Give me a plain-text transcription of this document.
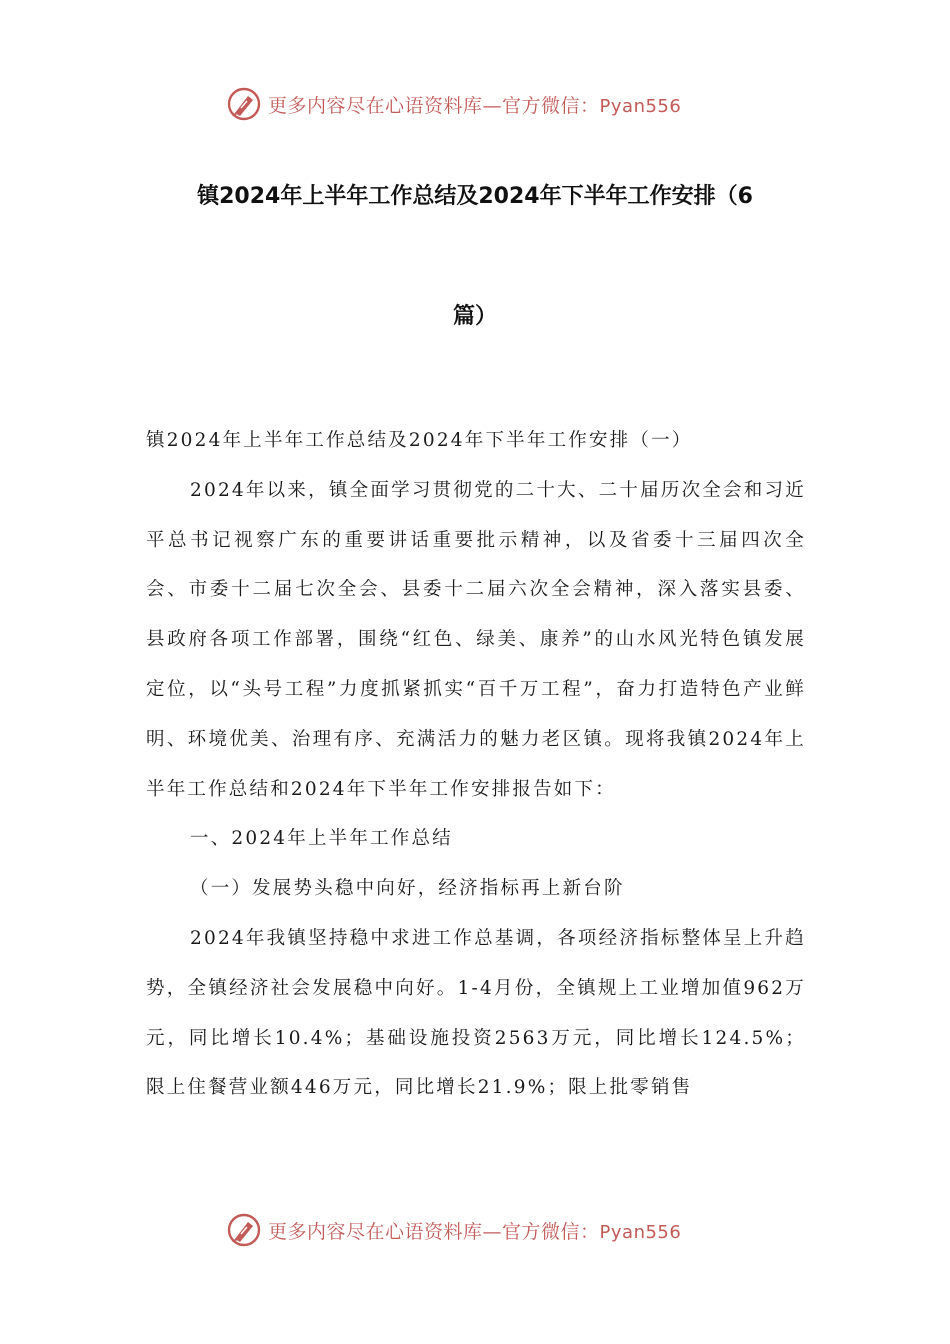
更多内容尽在心语资料库—官方微信：Pyan556
镇2024年上半年工作总结及2024年下半年工作安排（6
篇）

镇2024年上半年工作总结及2024年下半年工作安排（一）

2024年以来，镇全面学习贯彻党的二十大、二十届历次全会和习近平总书记视察广东的重要讲话重要批示精神，以及省委十三届四次全会、市委十二届七次全会、县委十二届六次全会精神，深入落实县委、县政府各项工作部署，围绕“红色、绿美、康养”的山水风光特色镇发展定位，以“头号工程”力度抓紧抓实“百千万工程”，奋力打造特色产业鲜明、环境优美、治理有序、充满活力的魅力老区镇。现将我镇2024年上半年工作总结和2024年下半年工作安排报告如下：

一、2024年上半年工作总结

（一）发展势头稳中向好，经济指标再上新台阶

2024年我镇坚持稳中求进工作总基调，各项经济指标整体呈上升趋势，全镇经济社会发展稳中向好。1-4月份，全镇规上工业增加值962万元，同比增长10.4%；基础设施投资2563万元，同比增长124.5%；限上住餐营业额446万元，同比增长21.9%；限上批零销售

更多内容尽在心语资料库—官方微信：Pyan556
